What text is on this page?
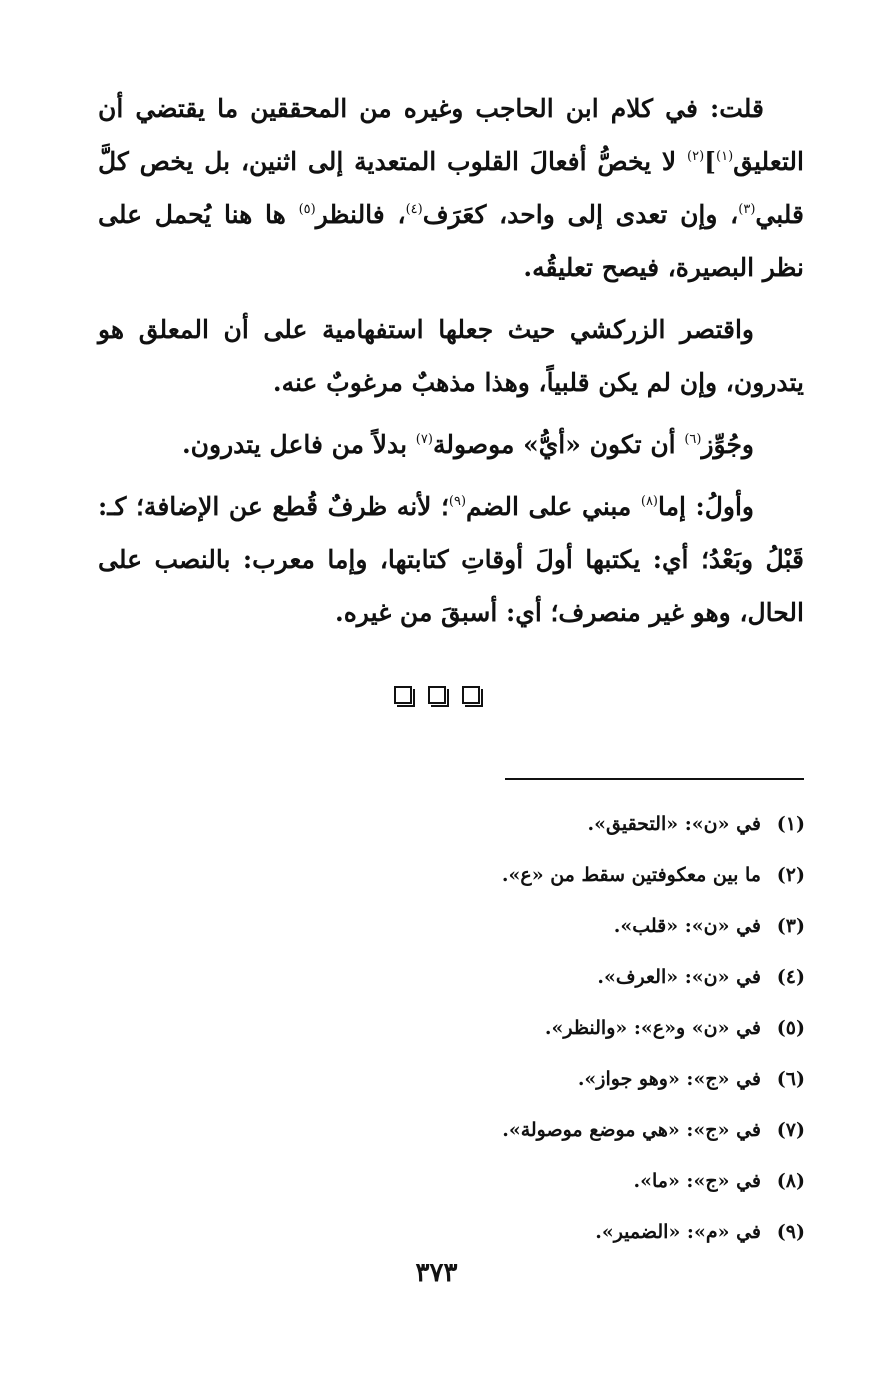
قلت: في كلام ابن الحاجب وغيره من المحققين ما يقتضي أن التعليق$^{(١)}$]$^{(٢)}$ لا يخصُّ أفعالَ القلوب المتعدية إلى اثنين، بل يخص كلَّ قلبي$^{(٣)}$، وإن تعدى إلى واحد، كعَرَف$^{(٤)}$، فالنظر$^{(٥)}$ ها هنا يُحمل على نظر البصيرة، فيصح تعليقُه.

واقتصر الزركشي حيث جعلها استفهامية على أن المعلق هو يتدرون، وإن لم يكن قلبياً، وهذا مذهبٌ مرغوبٌ عنه.

وجُوِّز$^{(٦)}$ أن تكون «أيُّ» موصولة$^{(٧)}$ بدلاً من فاعل يتدرون.

وأولُ: إما$^{(٨)}$ مبني على الضم$^{(٩)}$؛ لأنه ظرفٌ قُطع عن الإضافة؛ كـ: قَبْلُ وبَعْدُ؛ أي: يكتبها أولَ أوقاتِ كتابتها، وإما معرب: بالنصب على الحال، وهو غير منصرف؛ أي: أسبقَ من غيره.

(١)
في «ن»: «التحقيق».
(٢)
ما بين معكوفتين سقط من «ع».
(٣)
في «ن»: «قلب».
(٤)
في «ن»: «العرف».
(٥)
في «ن» و«ع»: «والنظر».
(٦)
في «ج»: «وهو جواز».
(٧)
في «ج»: «هي موضع موصولة».
(٨)
في «ج»: «ما».
(٩)
في «م»: «الضمير».
٣٧٣
